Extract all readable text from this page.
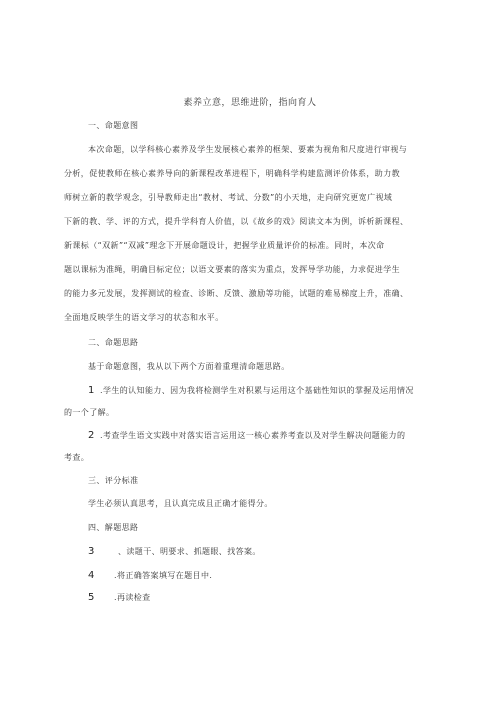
素养立意，思维进阶，指向育人
一、命题意图
本次命题，以学科核心素养及学生发展核心素养的框架、要素为视角和尺度进行审视与
分析，促使教师在核心素养导向的新课程改革进程下，明确科学构建监测评价体系，助力教
师树立新的教学观念，引导教师走出“教材、考试、分数”的小天地，走向研究更宽广视域
下新的教、学、评的方式，提升学科育人价值，以《故乡的戏》阅读文本为例，诉析新课程、
新课标（“双新”“双减”理念下开展命题设计，把握学业质量评价的标准。同时，本次命
题以课标为准绳，明确目标定位；以语文要素的落实为重点，发挥导学功能，力求促进学生
的能力多元发展，发挥测试的检查、诊断、反馈、激励等功能，试题的难易梯度上升，准确、
全面地反映学生的语文学习的状态和水平。
二、命题思路
基于命题意图，我从以下两个方面着重理清命题思路。
1 .学生的认知能力、因为我将检测学生对积累与运用这个基础性知识的掌握及运用情况
的一个了解。
2 .考查学生语文实践中对落实语言运用这一核心素养考查以及对学生解决问题能力的
考查。
三、评分标准
学生必须认真思考，且认真完成且正确才能得分。
四、解题思路
3	、读题干、明要求、抓题眼、找答案。
4 .将正确答案填写在题目中.
5 .再读检查
